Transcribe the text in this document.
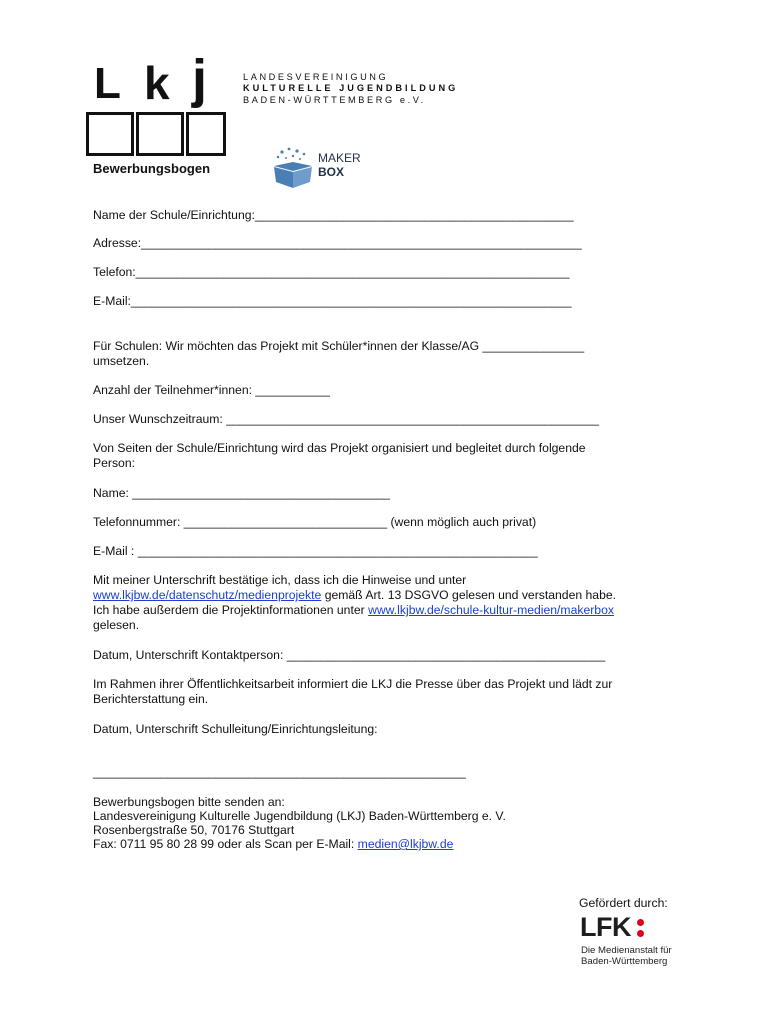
L k j	LANDESVEREINIGUNG
KULTURELLE JUGENDBILDUNG
BADEN-WÜRTTEMBERG e.V.
Bewerbungsbogen
MAKER
BOX
Name der Schule/Einrichtung:_______________________________________________
Adresse:_________________________________________________________________
Telefon:________________________________________________________________
E-Mail:_________________________________________________________________
Für Schulen: Wir möchten das Projekt mit Schüler*innen der Klasse/AG _______________
umsetzen.
Anzahl der Teilnehmer*innen: ___________
Unser Wunschzeitraum: _______________________________________________________
Von Seiten der Schule/Einrichtung wird das Projekt organisiert und begleitet durch folgende
Person:
Name: ______________________________________
Telefonnummer: ______________________________ (wenn möglich auch privat)
E-Mail : ___________________________________________________________
Mit meiner Unterschrift bestätige ich, dass ich die Hinweise und unter
www.lkjbw.de/datenschutz/medienprojekte gemäß Art. 13 DSGVO gelesen und verstanden habe.
Ich habe außerdem die Projektinformationen unter www.lkjbw.de/schule-kultur-medien/makerbox
gelesen.
Datum, Unterschrift Kontaktperson: _______________________________________________
Im Rahmen ihrer Öffentlichkeitsarbeit informiert die LKJ die Presse über das Projekt und lädt zur
Berichterstattung ein.
Datum, Unterschrift Schulleitung/Einrichtungsleitung:
_______________________________________________________
Bewerbungsbogen bitte senden an:
Landesvereinigung Kulturelle Jugendbildung (LKJ) Baden-Württemberg e. V.
Rosenbergstraße 50, 70176 Stuttgart
Fax: 0711 95 80 28 99 oder als Scan per E-Mail: medien@lkjbw.de
Gefördert durch:
LFK
Die Medienanstalt für
Baden-Württemberg
